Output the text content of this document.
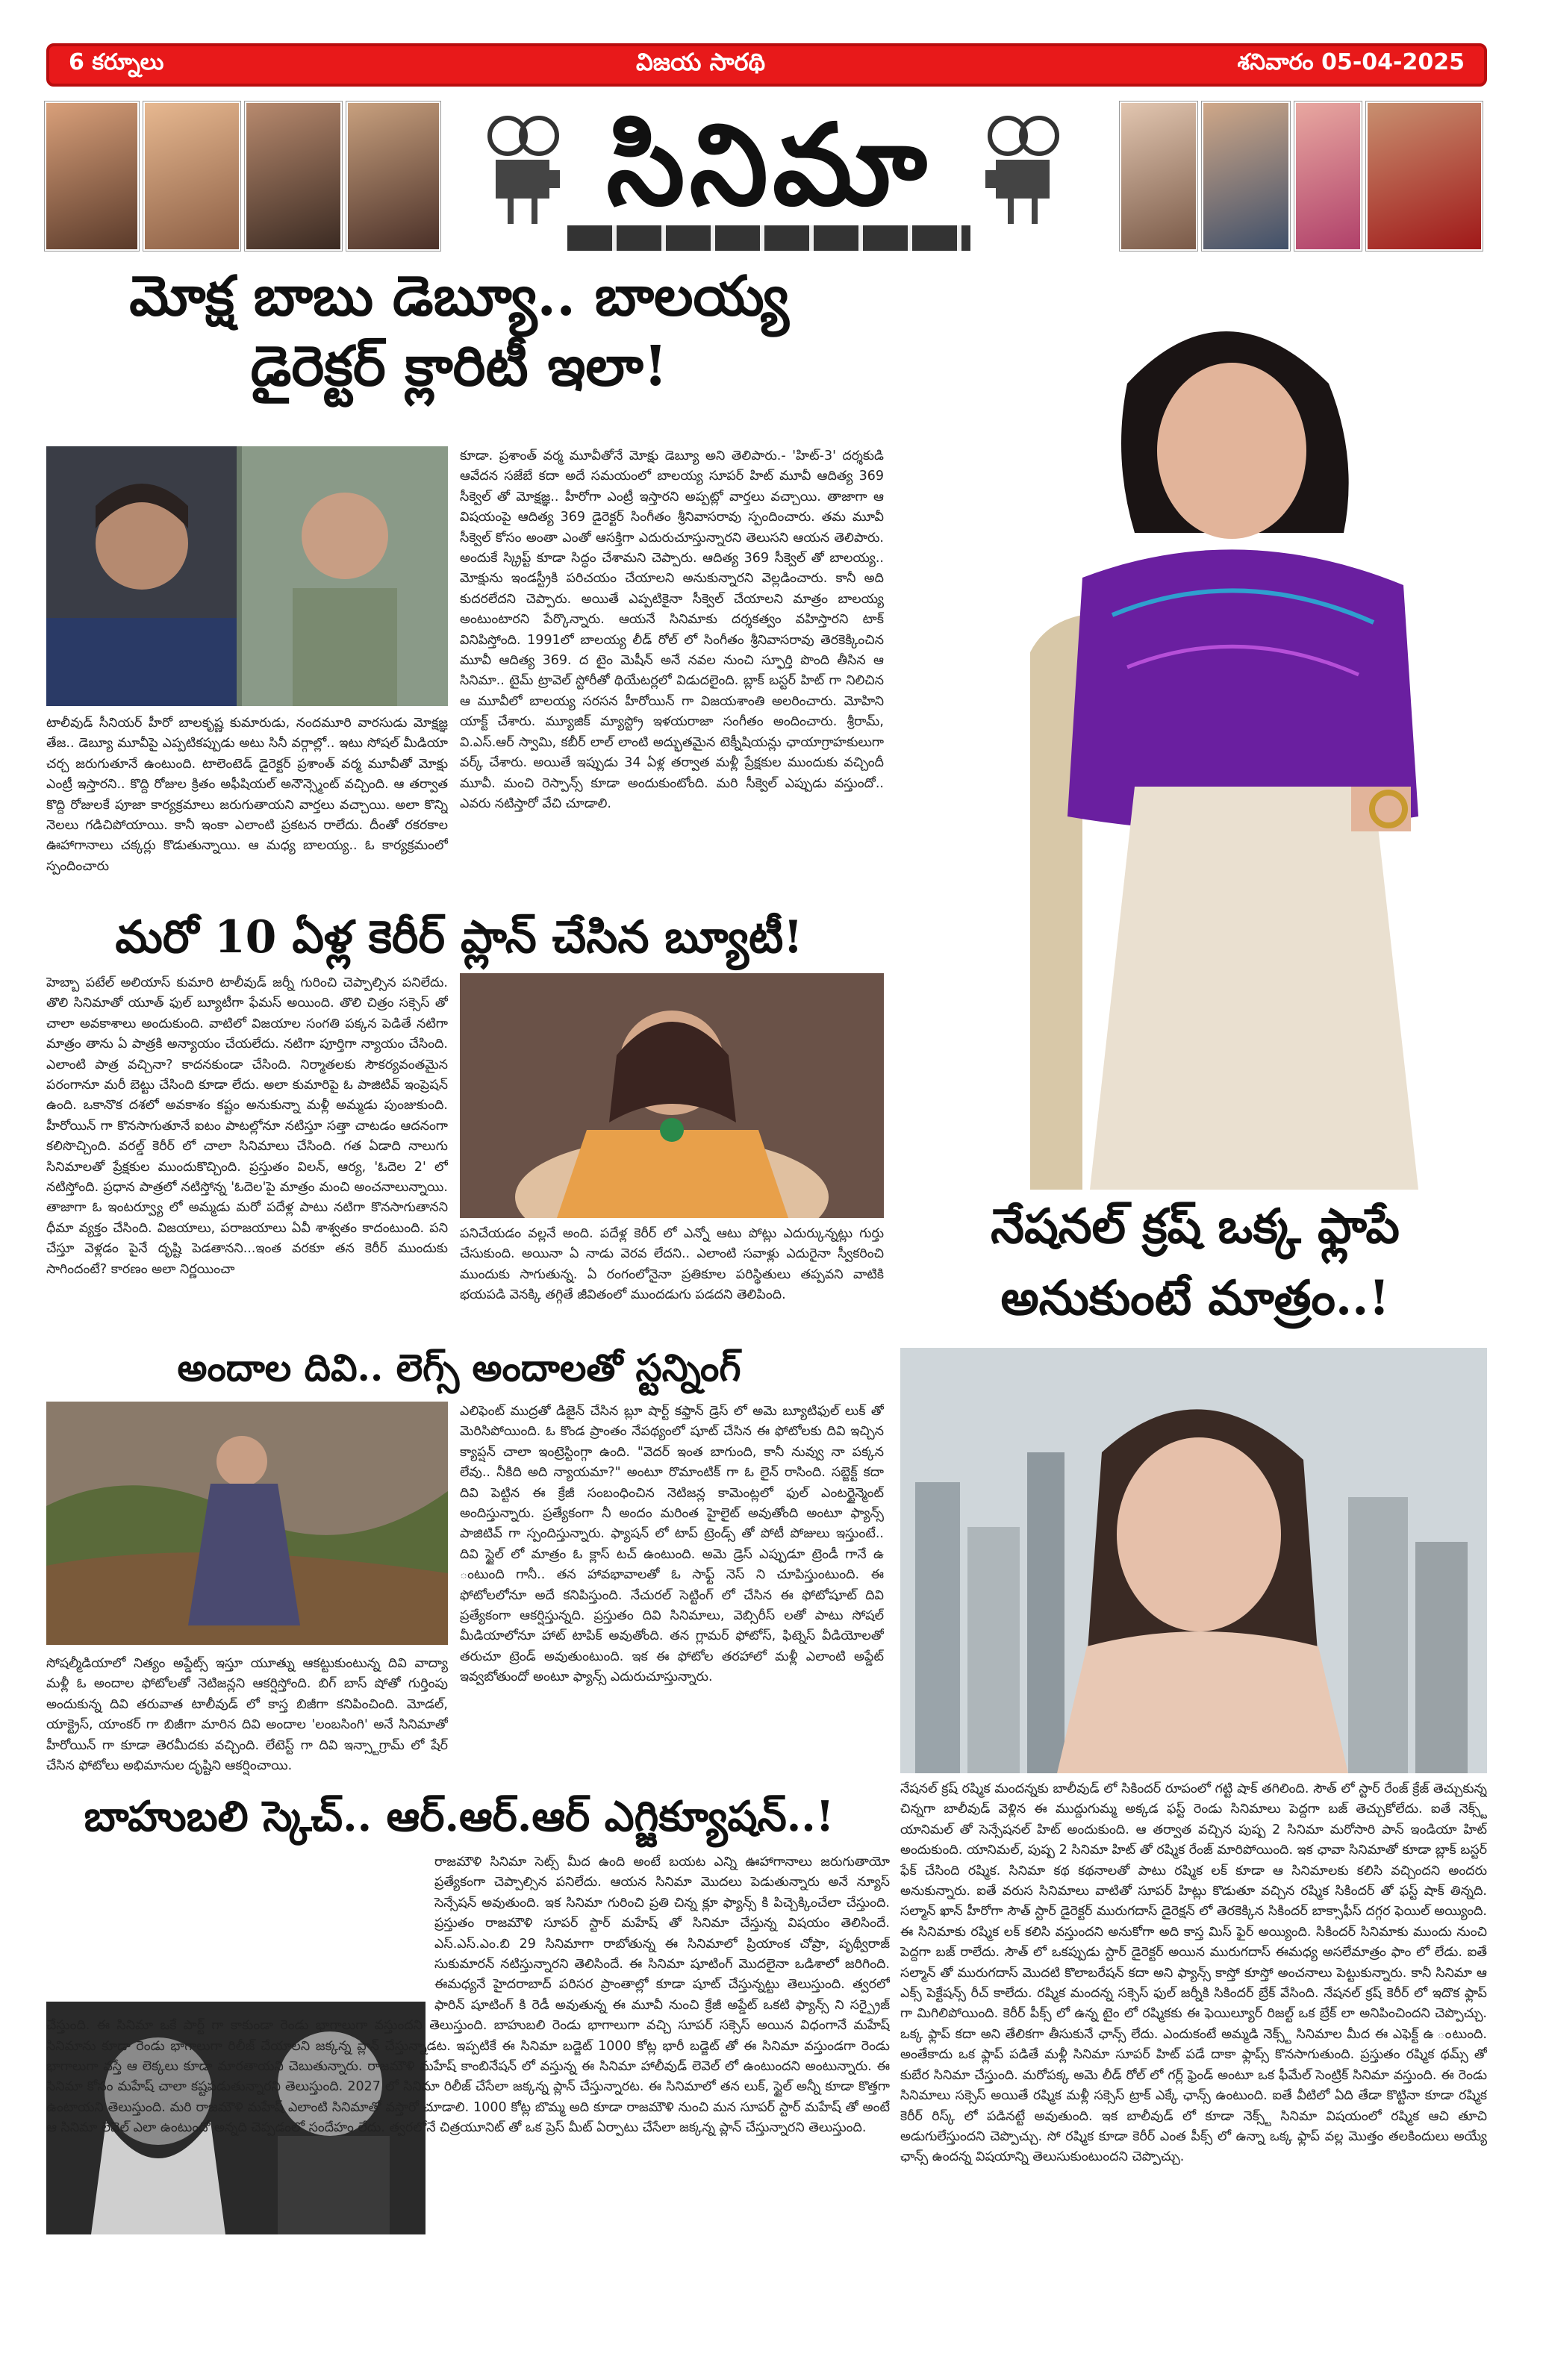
6 కర్నూలు	విజయ సారథి	శనివారం 05-04-2025
సినిమా
మోక్ష బాబు డెబ్యూ.. బాలయ్య
డైరెక్టర్ క్లారిటీ ఇలా!
కూడా. ప్రశాంత్ వర్మ మూవీతోనే మోక్షు డెబ్యూ అని తెలిపారు.- 'హిట్-3' దర్శకుడి ఆవేదన సజేబే కదా అదే సమయంలో బాలయ్య సూపర్ హిట్ మూవీ ఆదిత్య 369 సీక్వెల్ తో మోక్షజ్ఞ.. హీరోగా ఎంట్రీ ఇస్తారని అప్పట్లో వార్తలు వచ్చాయి. తాజాగా ఆ విషయంపై ఆదిత్య 369 డైరెక్టర్ సింగీతం శ్రీనివాసరావు స్పందించారు. తమ మూవీ సీక్వెల్ కోసం అంతా ఎంతో ఆసక్తిగా ఎదురుచూస్తున్నారని తెలుసని ఆయన తెలిపారు. అందుకే స్క్రిప్ట్ కూడా సిద్ధం చేశామని చెప్పారు. ఆదిత్య 369 సీక్వెల్ తో బాలయ్య.. మోక్షును ఇండస్ట్రీకి పరిచయం చేయాలని అనుకున్నారని వెల్లడించారు. కానీ అది కుదరలేదని చెప్పారు. అయితే ఎప్పటికైనా సీక్వెల్ చేయాలని మాత్రం బాలయ్య అంటుంటారని పేర్కొన్నారు. ఆయనే సినిమాకు దర్శకత్వం వహిస్తారని టాక్ వినిపిస్తోంది. 1991లో బాలయ్య లీడ్ రోల్ లో సింగీతం శ్రీనివాసరావు తెరకెక్కించిన మూవీ ఆదిత్య 369. ద టైం మెషీన్ అనే నవల నుంచి స్ఫూర్తి పొంది తీసిన ఆ సినిమా.. టైమ్ ట్రావెల్ స్టోరీతో థియేటర్లలో విడుదలైంది. బ్లాక్ బస్టర్ హిట్ గా నిలిచిన ఆ మూవీలో బాలయ్య సరసన హీరోయిన్ గా విజయశాంతి అలరించారు. మోహిని యాక్ట్ చేశారు. మ్యూజిక్ మ్యాస్ట్రో ఇళయరాజా సంగీతం అందించారు. శ్రీరామ్, వి.ఎస్.ఆర్ స్వామి, కబీర్ లాల్ లాంటి అద్భుతమైన టెక్నీషియన్లు ఛాయాగ్రాహకులుగా వర్క్ చేశారు. అయితే ఇప్పుడు 34 ఏళ్ల తర్వాత మళ్లీ ప్రేక్షకుల ముందుకు వచ్చిందీ మూవీ. మంచి రెస్పాన్స్ కూడా అందుకుంటోంది. మరి సీక్వెల్ ఎప్పుడు వస్తుందో.. ఎవరు నటిస్తారో వేచి చూడాలి.
టాలీవుడ్ సీనియర్ హీరో బాలకృష్ణ కుమారుడు, నందమూరి వారసుడు మోక్షజ్ఞ తేజ.. డెబ్యూ మూవీపై ఎప్పటికప్పుడు అటు సినీ వర్గాల్లో.. ఇటు సోషల్ మీడియా చర్చ జరుగుతూనే ఉంటుంది. టాలెంటెడ్ డైరెక్టర్ ప్రశాంత్ వర్మ మూవీతో మోక్షు ఎంట్రీ ఇస్తారని.. కొద్ది రోజుల క్రితం అఫీషియల్ అనౌన్స్మెంట్ వచ్చింది. ఆ తర్వాత కొద్ది రోజులకే పూజా కార్యక్రమాలు జరుగుతాయని వార్తలు వచ్చాయి. అలా కొన్ని నెలలు గడిచిపోయాయి. కానీ ఇంకా ఎలాంటి ప్రకటన రాలేదు. దీంతో రకరకాల ఊహాగానాలు చక్కర్లు కొడుతున్నాయి. ఆ మధ్య బాలయ్య.. ఓ కార్యక్రమంలో స్పందించారు
మరో 10 ఏళ్ల కెరీర్ ప్లాన్ చేసిన బ్యూటీ!
హెబ్బా పటేల్ అలియాస్ కుమారి టాలీవుడ్ జర్నీ గురించి చెప్పాల్సిన పనిలేదు. తొలి సినిమాతో యూత్ ఫుల్ బ్యూటీగా ఫేమస్ అయింది. తొలి చిత్రం సక్సెస్ తో చాలా అవకాశాలు అందుకుంది. వాటిలో విజయాల సంగతి పక్కన పెడితే నటిగా మాత్రం తాను ఏ పాత్రకి అన్యాయం చేయలేదు. నటిగా పూర్తిగా న్యాయం చేసింది. ఎలాంటి పాత్ర వచ్చినా? కాదనకుండా చేసింది. నిర్మాతలకు సౌకర్యవంతమైన పరంగానూ మరీ బెట్టు చేసింది కూడా లేదు. అలా కుమారిపై ఓ పాజిటివ్ ఇంప్రెషన్ ఉంది. ఒకానొక దశలో అవకాశం కష్టం అనుకున్నా మళ్లీ అమ్మడు పుంజుకుంది. హీరోయిన్ గా కొనసాగుతూనే ఐటం పాటల్లోనూ నటిస్తూ సత్తా చాటడం ఆదనంగా కలిసొచ్చింది. వరల్డ్ కెరీర్ లో చాలా సినిమాలు చేసింది. గత ఏడాది నాలుగు సినిమాలతో ప్రేక్షకుల ముందుకొచ్చింది. ప్రస్తుతం విలన్, ఆర్య, 'ఓదెల 2' లో నటిస్తోంది. ప్రధాన పాత్రలో నటిస్తోన్న 'ఓదెల'పై మాత్రం మంచి అంచనాలున్నాయి. తాజాగా ఓ ఇంటర్వ్యూ లో అమ్మడు మరో పదేళ్ల పాటు నటిగా కొనసాగుతానని ధీమా వ్యక్తం చేసింది. విజయాలు, పరాజయాలు ఏవీ శాశ్వతం కాదంటుంది. పని చేస్తూ వెళ్లడం పైనే దృష్టి పెడతానని...ఇంత వరకూ తన కెరీర్ ముందుకు సాగిందంటే? కారణం అలా నిర్ణయించా
పనిచేయడం వల్లనే అంది. పదేళ్ల కెరీర్ లో ఎన్నో ఆటు పోట్లు ఎదుర్కున్నట్లు గుర్తు చేసుకుంది. అయినా ఏ నాడు వెరవ లేదని.. ఎలాంటి సవాళ్లు ఎదురైనా స్వీకరించి ముందుకు సాగుతున్న. ఏ రంగంలోనైనా ప్రతికూల పరిస్థితులు తప్పవని వాటికి భయపడి వెనక్కి తగ్గితే జీవితంలో ముందడుగు పడదని తెలిపింది.
అందాల దివి.. లెగ్స్ అందాలతో స్టన్నింగ్
ఎలిఫెంట్ ముద్రతో డిజైన్ చేసిన బ్లూ షార్ట్ కఫ్తాన్ డ్రెస్ లో అమె బ్యూటిఫుల్ లుక్ తో మెరిసిపోయింది. ఓ కొండ ప్రాంతం నేపథ్యంలో షూట్ చేసిన ఈ ఫోటోలకు దివి ఇచ్చిన క్యాప్షన్ చాలా ఇంట్రెస్టింగ్గా ఉంది. "వెదర్ ఇంత బాగుంది, కానీ నువ్వు నా పక్కన లేవు.. నీకిది అది న్యాయమా?" అంటూ రొమాంటిక్ గా ఓ లైన్ రాసింది. సబ్జెక్ట్ కదా దివి పెట్టిన ఈ క్రేజీ సంబంధించిన నెటిజన్ల కామెంట్లలో ఫుల్ ఎంటర్టైన్మెంట్ అందిస్తున్నారు. ప్రత్యేకంగా నీ అందం మరింత హైలైట్ అవుతోంది అంటూ ఫ్యాన్స్ పాజిటివ్ గా స్పందిస్తున్నారు. ఫ్యాషన్ లో టాప్ ట్రెండ్స్ తో పోటీ పోజులు ఇస్తుంటే.. దివి స్టైల్ లో మాత్రం ఓ క్లాస్ టచ్ ఉంటుంది. అమె డ్రెస్ ఎప్పుడూ ట్రెండీ గానే ఉ ంటుంది గానీ.. తన హావభావాలతో ఓ సాఫ్ట్ నెస్ ని చూపిస్తుంటుంది. ఈ ఫోటోలలోనూ అదే కనిపిస్తుంది. నేచురల్ సెట్టింగ్ లో చేసిన ఈ ఫోటోషూట్ దివి ప్రత్యేకంగా ఆకర్షిస్తున్నది. ప్రస్తుతం దివి సినిమాలు, వెబ్సిరీస్ లతో పాటు సోషల్ మీడియాలోనూ హాట్ టాపిక్ అవుతోంది. తన గ్లామర్ ఫోటోస్, ఫిట్నెస్ వీడియోలతో తరుచూ ట్రెండ్ అవుతుంటుంది. ఇక ఈ ఫోటోల తరహాలో మళ్లీ ఎలాంటి అప్డేట్ ఇవ్వబోతుందో అంటూ ఫ్యాన్స్ ఎదురుచూస్తున్నారు.
సోషల్మీడియాలో నిత్యం అప్డేట్స్ ఇస్తూ యూత్ను ఆకట్టుకుంటున్న దివి వాద్యా మళ్లీ ఓ అందాల ఫోటోలతో నెటిజన్లని ఆకర్షిస్తోంది. బిగ్ బాస్ షోతో గుర్తింపు అందుకున్న దివి తరువాత టాలీవుడ్ లో కాస్త బిజీగా కనిపించింది. మోడల్, యాక్ట్రెస్, యాంకర్ గా బిజీగా మారిన దివి అందాల 'లంబసింగి' అనే సినిమాతో హీరోయిన్ గా కూడా తెరమీదకు వచ్చింది. లేటెస్ట్ గా దివి ఇన్స్టాగ్రామ్ లో షేర్ చేసిన ఫోటోలు అభిమానుల దృష్టిని ఆకర్షించాయి.
బాహుబలి స్కెచ్.. ఆర్.ఆర్.ఆర్ ఎగ్జిక్యూషన్..!
రాజమౌళి సినిమా సెట్స్ మీద ఉంది అంటే బయట ఎన్ని ఊహాగానాలు జరుగుతాయో ప్రత్యేకంగా చెప్పాల్సిన పనిలేదు. ఆయన సినిమా మొదలు పెడుతున్నారు అనే న్యూస్ సెన్సేషన్ అవుతుంది. ఇక సినిమా గురించి ప్రతి చిన్న క్లూ ఫ్యాన్స్ కి పిచ్చెక్కించేలా చేస్తుంది. ప్రస్తుతం రాజమౌళి సూపర్ స్టార్ మహేష్ తో సినిమా చేస్తున్న విషయం తెలిసిందే. ఎస్.ఎస్.ఎం.బి 29 సినిమాగా రాబోతున్న ఈ సినిమాలో ప్రియాంక చోప్రా, పృథ్వీరాజ్ సుకుమారన్ నటిస్తున్నారని తెలిసిందే. ఈ సినిమా షూటింగ్ మొదలైనా ఒడిశాలో జరిగింది. ఈమధ్యనే హైదరాబాద్ పరిసర ప్రాంతాల్లో కూడా షూట్ చేస్తున్నట్టు తెలుస్తుంది. త్వరలో ఫారిన్ షూటింగ్ కి రెడీ అవుతున్న ఈ మూవీ నుంచి క్రేజీ అప్డేట్ ఒకటి ఫ్యాన్స్ ని సర్ప్రైజ్ చేస్తుంది. ఈ సినిమా ఒకే పార్ట్ గా కాకుండా రెండు భాగాలుగా వస్తుందని తెలుస్తుంది. బాహుబలి రెండు భాగాలుగా వచ్చి సూపర్ సక్సెస్ అయిన విధంగానే మహేష్ సినిమాను కూడా రెండు భాగాలుగా రిలీజ్ చేయాలని జక్కన్న ప్లాన్ చేస్తున్నాడట. ఇప్పటికే ఈ సినిమా బడ్జెట్ 1000 కోట్ల భారీ బడ్జెట్ తో ఈ సినిమా వస్తుండగా రెండు భాగాలుగా వస్తే ఆ లెక్కలు కూడా మారతాయని చెబుతున్నారు. రాజమౌళి మహేష్ కాంబినేషన్ లో వస్తున్న ఈ సినిమా హాలీవుడ్ లెవెల్ లో ఉంటుందని అంటున్నారు. ఈ సినిమా కోసం మహేష్ చాలా కష్టపడుతున్నారని తెలుస్తుంది. 2027 లో సినిమా రిలీజ్ చేసేలా జక్కన్న ప్లాన్ చేస్తున్నారట. ఈ సినిమాలో తన లుక్, స్టైల్ అన్నీ కూడా కొత్తగా ఉంటాయని తెలుస్తుంది. మరి రాజమౌళి మహేష్ ఎలాంటి సినిమాతో వస్తారో చూడాలి. 1000 కోట్ల బొమ్మ అది కూడా రాజమౌళి నుంచి మన సూపర్ స్టార్ మహేష్ తో అంటే ఆ సినిమా లెవెల్ ఎలా ఉంటుందో అన్నది చెప్పడంలో సందేహం లేదు. త్వరలోనే చిత్రయూనిట్ తో ఒక ప్రెస్ మీట్ ఏర్పాటు చేసేలా జక్కన్న ప్లాన్ చేస్తున్నారని తెలుస్తుంది.
నేషనల్ క్రష్ ఒక్క ఫ్లాపే
అనుకుంటే మాత్రం..!
నేషనల్ క్రష్ రష్మిక మందన్నకు బాలీవుడ్ లో సికిందర్ రూపంలో గట్టి షాక్ తగిలింది. సౌత్ లో స్టార్ రేంజ్ క్రేజ్ తెచ్చుకున్న చిన్నగా బాలీవుడ్ వెళ్లిన ఈ ముద్దుగుమ్మ అక్కడ ఫస్ట్ రెండు సినిమాలు పెద్దగా బజ్ తెచ్చుకోలేదు. ఐతే నెక్స్ట్ యానిమల్ తో సెన్సేషనల్ హిట్ అందుకుంది. ఆ తర్వాత వచ్చిన పుష్ప 2 సినిమా మరోసారి పాన్ ఇండియా హిట్ అందుకుంది. యానిమల్, పుష్ప 2 సినిమా హిట్ తో రష్మిక రేంజ్ మారిపోయింది. ఇక ఛావా సినిమాతో కూడా బ్లాక్ బస్టర్ ఫేక్ చేసింది రష్మిక. సినిమా కథ కథనాలతో పాటు రష్మిక లక్ కూడా ఆ సినిమాలకు కలిసి వచ్చిందని అందరు అనుకున్నారు. ఐతే వరుస సినిమాలు వాటితో సూపర్ హిట్లు కొడుతూ వచ్చిన రష్మిక సికిందర్ తో ఫస్ట్ షాక్ తిన్నది. సల్మాన్ ఖాన్ హీరోగా సౌత్ స్టార్ డైరెక్టర్ మురుగదాస్ డైరెక్షన్ లో తెరకెక్కిన సికిందర్ బాక్సాఫీస్ దగ్గర ఫెయిల్ అయ్యింది. ఈ సినిమాకు రష్మిక లక్ కలిసి వస్తుందని అనుకోగా అది కాస్త మిస్ ఫైర్ అయ్యింది. సికిందర్ సినిమాకు ముందు నుంచి పెద్దగా బజ్ రాలేదు. సౌత్ లో ఒకప్పుడు స్టార్ డైరెక్టర్ అయిన మురుగదాస్ ఈమధ్య అసలేమాత్రం ఫాం లో లేడు. ఐతే సల్మాన్ తో మురుగదాస్ మొదటి కొలాబరేషన్ కదా అని ఫ్యాన్స్ కాస్తో కూస్తో అంచనాలు పెట్టుకున్నారు. కానీ సినిమా ఆ ఎక్స్ పెక్టేషన్స్ రీచ్ కాలేదు. రష్మిక మందన్న సక్సెస్ ఫుల్ జర్నీకి సికిందర్ బ్రేక్ వేసింది. నేషనల్ క్రష్ కెరీర్ లో ఇదొక ఫ్లాప్ గా మిగిలిపోయింది. కెరీర్ పీక్స్ లో ఉన్న టైం లో రష్మికకు ఈ ఫెయిల్యూర్ రిజల్ట్ ఒక బ్రేక్ లా అనిపించిందని చెప్పొచ్చు. ఒక్క ఫ్లాప్ కదా అని తేలికగా తీసుకునే ఛాన్స్ లేదు. ఎందుకంటే అమ్మడి నెక్స్ట్ సినిమాల మీద ఈ ఎఫెక్ట్ ఉ ంటుంది. అంతేకాదు ఒక ఫ్లాప్ పడితే మళ్లీ సినిమా సూపర్ హిట్ పడే దాకా ఫ్లాప్స్ కొనసాగుతుంది. ప్రస్తుతం రష్మిక థమ్స్ తో కుబేర సినిమా చేస్తుంది. మరోపక్క అమె లీడ్ రోల్ లో గర్ల్ ఫ్రెండ్ అంటూ ఒక ఫీమేల్ సెంట్రిక్ సినిమా వస్తుంది. ఈ రెండు సినిమాలు సక్సెస్ అయితే రష్మిక మళ్లీ సక్సెస్ ట్రాక్ ఎక్కే ఛాన్స్ ఉంటుంది. ఐతే వీటిలో ఏది తేడా కొట్టినా కూడా రష్మిక కెరీర్ రిస్క్ లో పడినట్టే అవుతుంది. ఇక బాలీవుడ్ లో కూడా నెక్స్ట్ సినిమా విషయంలో రష్మిక ఆచి తూచి అడుగులేస్తుందని చెప్పొచ్చు. సో రష్మిక కూడా కెరీర్ ఎంత పీక్స్ లో ఉన్నా ఒక్క ఫ్లాప్ వల్ల మొత్తం తలకిందులు అయ్యే ఛాన్స్ ఉందన్న విషయాన్ని తెలుసుకుంటుందని చెప్పొచ్చు.
